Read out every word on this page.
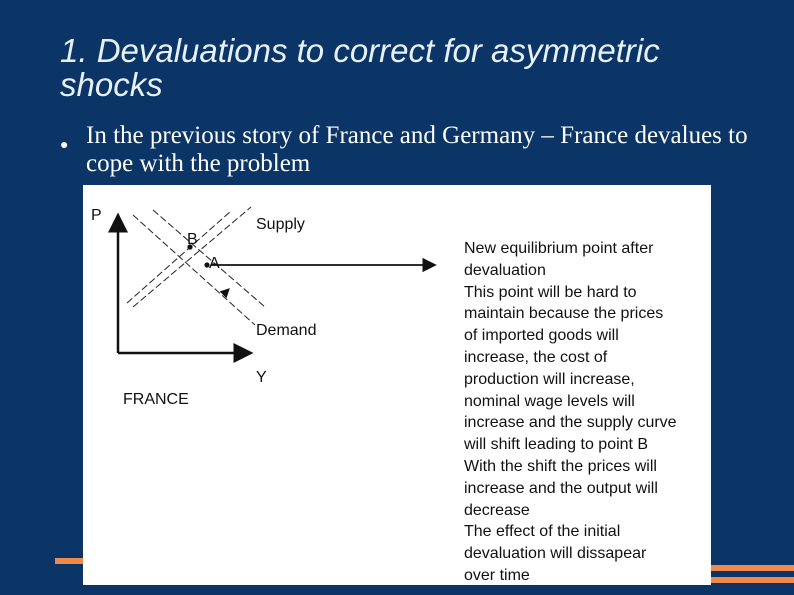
1. Devaluations to correct for asymmetric shocks
● In the previous story of France and Germany – France devalues to cope with the problem
P
Supply
B
A
Demand
Y
FRANCE
New equilibrium point after
devaluation
This point will be hard to
maintain because the prices
of imported goods will
increase, the cost of
production will increase,
nominal wage levels will
increase and the supply curve
will shift leading to point B
With the shift the prices will
increase and the output will
decrease
The effect of the initial
devaluation will dissapear
over time
